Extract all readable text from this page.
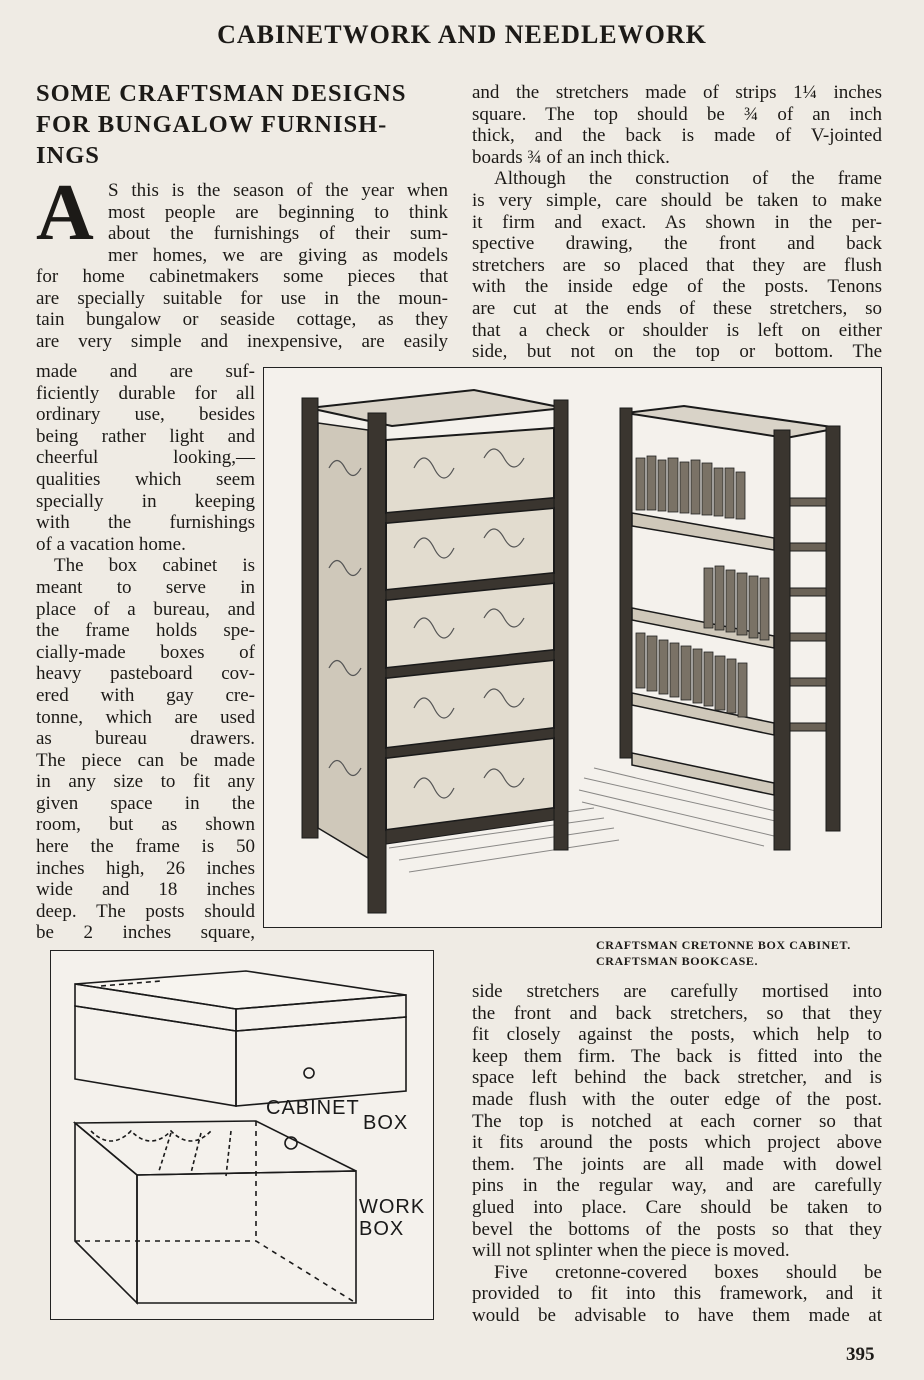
CABINETWORK AND NEEDLEWORK
SOME CRAFTSMAN DESIGNS
FOR BUNGALOW FURNISH-
INGS
A S this is the season of the year when
most people are beginning to think
about the furnishings of their sum-
mer homes, we are giving as models
for home cabinetmakers some pieces that
are specially suitable for use in the moun-
tain bungalow or seaside cottage, as they
are very simple and inexpensive, are easily
made and are suf-
ficiently durable for all
ordinary use, besides
being rather light and
cheerful looking,—
qualities which seem
specially in keeping
with the furnishings
of a vacation home.
The box cabinet is
meant to serve in
place of a bureau, and
the frame holds spe-
cially-made boxes of
heavy pasteboard cov-
ered with gay cre-
tonne, which are used
as bureau drawers.
The piece can be made
in any size to fit any
given space in the
room, but as shown
here the frame is 50
inches high, 26 inches
wide and 18 inches
deep. The posts should
be 2 inches square,
and the stretchers made of strips 1¼ inches
square. The top should be ¾ of an inch
thick, and the back is made of V-jointed
boards ¾ of an inch thick.
Although the construction of the frame
is very simple, care should be taken to make
it firm and exact. As shown in the per-
spective drawing, the front and back
stretchers are so placed that they are flush
with the inside edge of the posts. Tenons
are cut at the ends of these stretchers, so
that a check or shoulder is left on either
side, but not on the top or bottom. The
CRAFTSMAN CRETONNE BOX CABINET.
CRAFTSMAN BOOKCASE.
CABINET
BOX
WORK
BOX
side stretchers are carefully mortised into
the front and back stretchers, so that they
fit closely against the posts, which help to
keep them firm. The back is fitted into the
space left behind the back stretcher, and is
made flush with the outer edge of the post.
The top is notched at each corner so that
it fits around the posts which project above
them. The joints are all made with dowel
pins in the regular way, and are carefully
glued into place. Care should be taken to
bevel the bottoms of the posts so that they
will not splinter when the piece is moved.
Five cretonne-covered boxes should be
provided to fit into this framework, and it
would be advisable to have them made at
395
